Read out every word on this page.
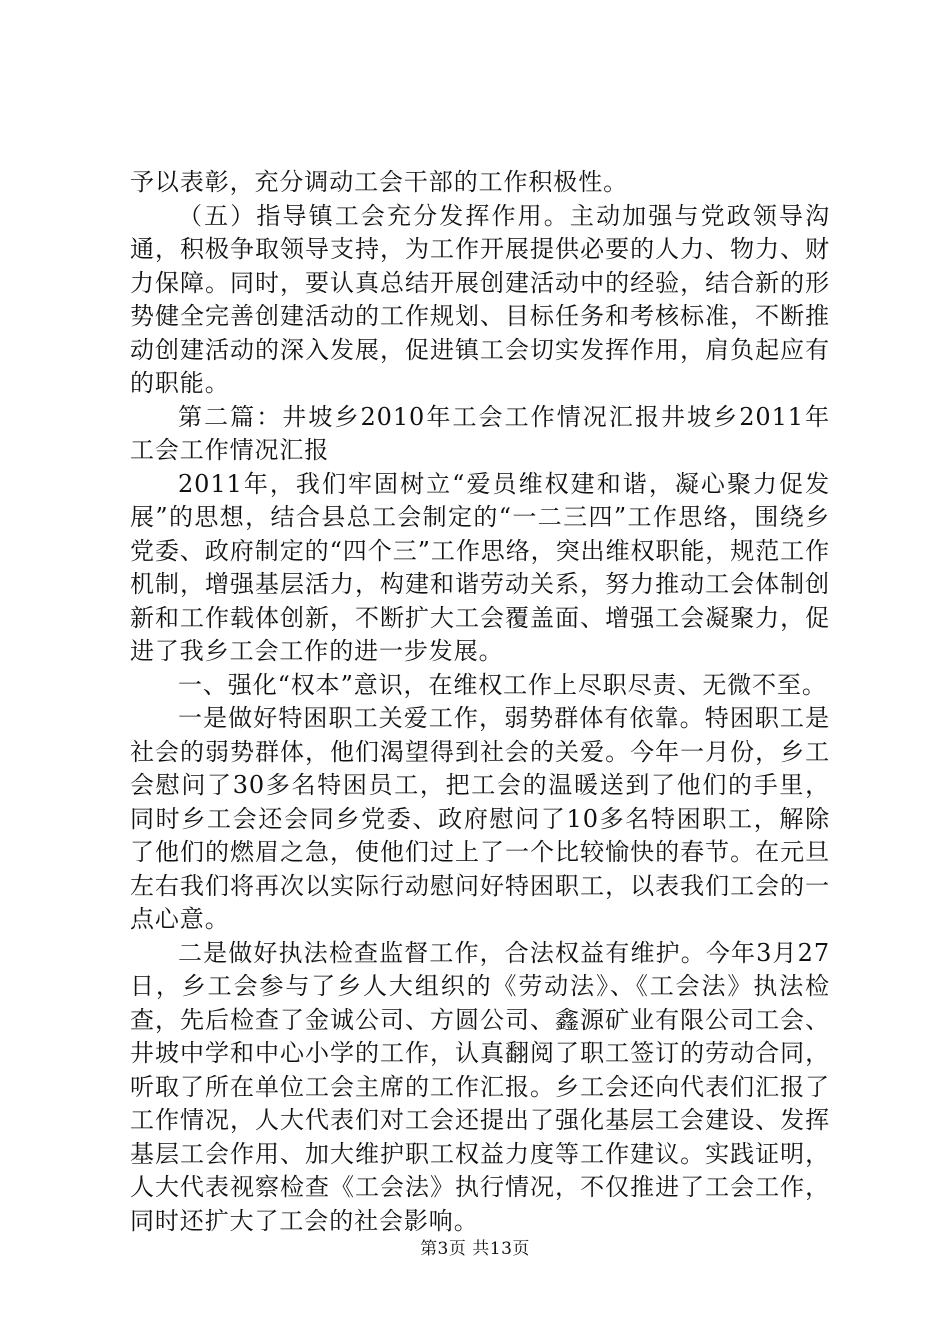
予以表彰，充分调动工会干部的工作积极性。

（五）指导镇工会充分发挥作用。主动加强与党政领导沟通，积极争取领导支持，为工作开展提供必要的人力、物力、财力保障。同时，要认真总结开展创建活动中的经验，结合新的形势健全完善创建活动的工作规划、目标任务和考核标准，不断推动创建活动的深入发展，促进镇工会切实发挥作用，肩负起应有的职能。

第二篇：井坡乡2010年工会工作情况汇报井坡乡2011年工会工作情况汇报

2011年，我们牢固树立“爱员维权建和谐，凝心聚力促发展”的思想，结合县总工会制定的“一二三四”工作思络，围绕乡党委、政府制定的“四个三”工作思络，突出维权职能，规范工作机制，增强基层活力，构建和谐劳动关系，努力推动工会体制创新和工作载体创新，不断扩大工会覆盖面、增强工会凝聚力，促进了我乡工会工作的进一步发展。

一、强化“权本”意识，在维权工作上尽职尽责、无微不至。

一是做好特困职工关爱工作，弱势群体有依靠。特困职工是社会的弱势群体，他们渴望得到社会的关爱。今年一月份，乡工会慰问了30多名特困员工，把工会的温暖送到了他们的手里，同时乡工会还会同乡党委、政府慰问了10多名特困职工，解除了他们的燃眉之急，使他们过上了一个比较愉快的春节。在元旦左右我们将再次以实际行动慰问好特困职工，以表我们工会的一点心意。

二是做好执法检查监督工作，合法权益有维护。今年3月27日，乡工会参与了乡人大组织的《劳动法》、《工会法》执法检查，先后检查了金诚公司、方圆公司、鑫源矿业有限公司工会、井坡中学和中心小学的工作，认真翻阅了职工签订的劳动合同，听取了所在单位工会主席的工作汇报。乡工会还向代表们汇报了工作情况，人大代表们对工会还提出了强化基层工会建设、发挥基层工会作用、加大维护职工权益力度等工作建议。实践证明，人大代表视察检查《工会法》执行情况，不仅推进了工会工作，同时还扩大了工会的社会影响。

第3页 共13页
